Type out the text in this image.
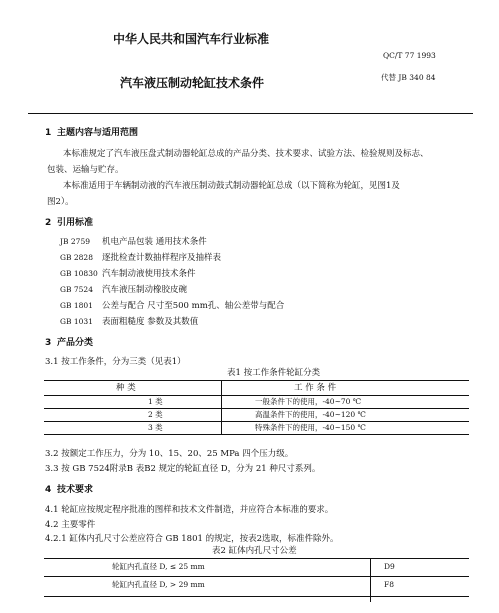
中华人民共和国汽车行业标准
QC/T 77 1993
汽车液压制动轮缸技术条件	代替 JB 340 84
1 主题内容与适用范围
本标准规定了汽车液压盘式制动器轮缸总成的产品分类、技术要求、试验方法、检验规则及标志、
包装、运输与贮存。
本标准适用于车辆制动液的汽车液压制动鼓式制动器轮缸总成（以下简称为轮缸，见图1及
图2）。
2 引用标准
JB 2759 机电产品包装 通用技术条件
GB 2828 逐批检查计数抽样程序及抽样表
GB 10830 汽车制动液使用技术条件
GB 7524 汽车液压制动橡胶皮碗
GB 1801 公差与配合 尺寸至500 mm孔、轴公差带与配合
GB 1031 表面粗糙度 参数及其数值
3 产品分类
3.1 按工作条件，分为三类（见表1）
表1 按工作条件轮缸分类
种 类	工 作 条 件
1 类	一般条件下的使用，-40~70 ℃
2 类	高温条件下的使用，-40~120 ℃
3 类	特殊条件下的使用，-40~150 ℃
3.2 按额定工作压力，分为 10、15、20、25 MPa 四个压力级。
3.3 按 GB 7524附录B 表B2 规定的轮缸直径 D，分为 21 种尺寸系列。
4 技术要求
4.1 轮缸应按规定程序批准的图样和技术文件制造，并应符合本标准的要求。
4.2 主要零件
4.2.1 缸体内孔尺寸公差应符合 GB 1801 的规定，按表2选取，标准件除外。
表2 缸体内孔尺寸公差
轮缸内孔直径 D, ≤ 25 mm	D9
轮缸内孔直径 D, > 29 mm	F8
